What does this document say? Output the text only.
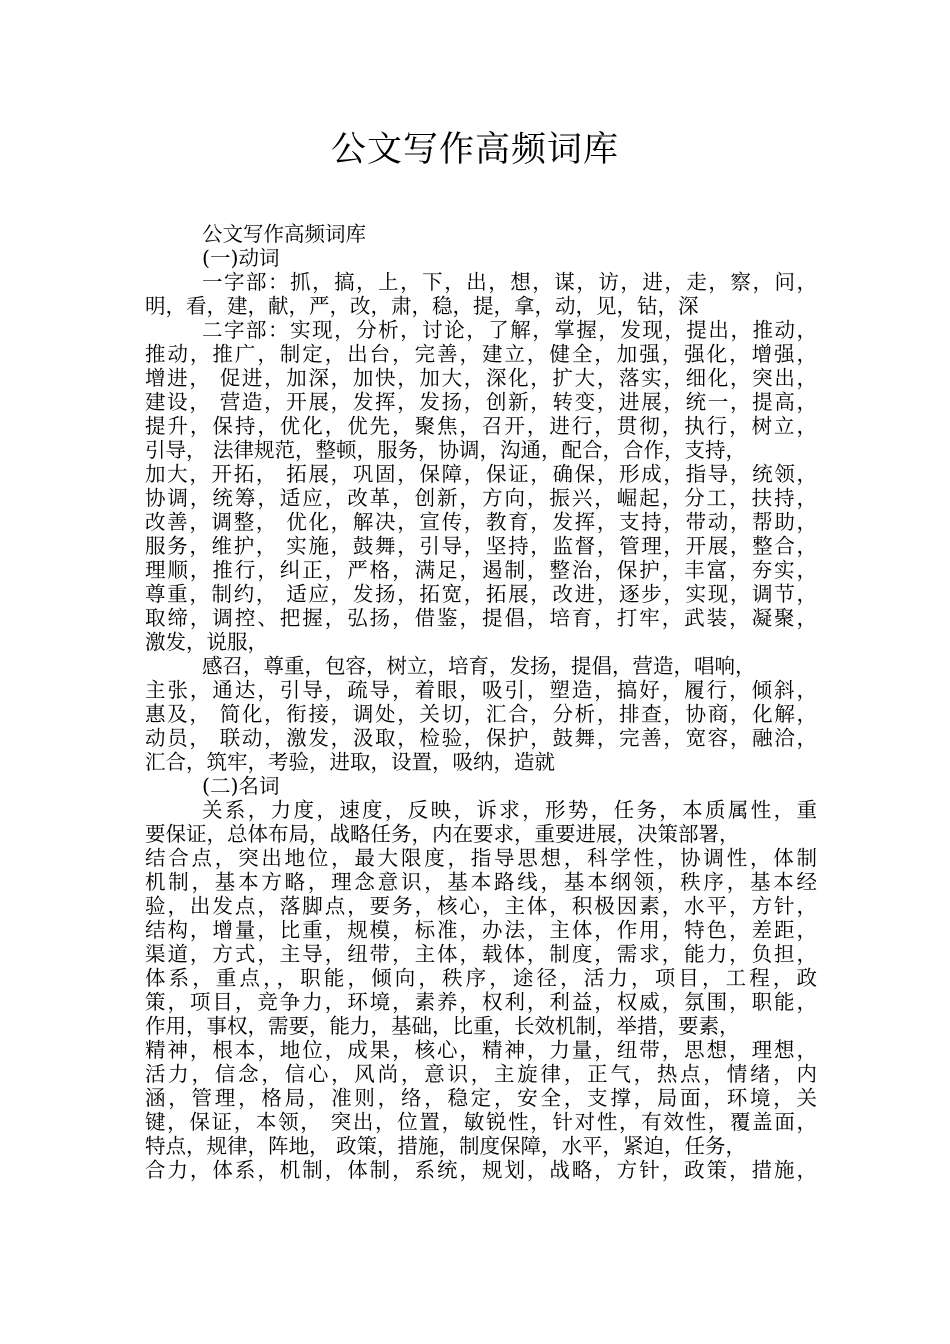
公文写作高频词库
公文写作高频词库
(一)动词
一字部：抓，搞，上，下，出，想，谋，访，进，走，察，问，
明，看，建，献，严，改，肃，稳，提，拿，动，见，钻，深
二字部：实现，分析，讨论，了解，掌握，发现，提出，推动，
推动，推广，制定，出台，完善，建立，健全，加强，强化，增强，
增进， 促进，加深，加快，加大，深化，扩大，落实，细化，突出，
建设， 营造，开展，发挥，发扬，创新，转变，进展，统一，提高，
提升，保持，优化，优先，聚焦，召开，进行，贯彻，执行，树立，
引导， 法律规范，整顿，服务，协调，沟通，配合，合作，支持，
加大，开拓， 拓展，巩固，保障，保证，确保，形成，指导，统领，
协调，统筹，适应，改革，创新，方向，振兴，崛起，分工，扶持，
改善，调整， 优化，解决，宣传，教育，发挥，支持，带动，帮助，
服务，维护， 实施，鼓舞，引导，坚持，监督，管理，开展，整合，
理顺，推行，纠正，严格，满足，遏制，整治，保护，丰富，夯实，
尊重，制约， 适应，发扬，拓宽，拓展，改进，逐步，实现，调节，
取缔，调控、把握，弘扬，借鉴，提倡，培育，打牢，武装，凝聚，
激发，说服，
感召，尊重，包容，树立，培育，发扬，提倡，营造，唱响，
主张，通达，引导，疏导，着眼，吸引，塑造，搞好，履行，倾斜，
惠及， 简化，衔接，调处，关切，汇合，分析，排查，协商，化解，
动员， 联动，激发，汲取，检验，保护，鼓舞，完善，宽容，融洽，
汇合，筑牢，考验，进取，设置，吸纳，造就
(二)名词
关系，力度，速度，反映，诉求，形势，任务，本质属性，重
要保证，总体布局，战略任务，内在要求，重要进展，决策部署，
结合点，突出地位，最大限度，指导思想，科学性，协调性，体制
机制，基本方略，理念意识，基本路线，基本纲领，秩序，基本经
验，出发点，落脚点，要务，核心，主体，积极因素，水平，方针，
结构，增量，比重，规模，标准，办法，主体，作用，特色，差距，
渠道，方式，主导，纽带，主体，载体，制度，需求，能力，负担，
体系，重点，，职能，倾向，秩序，途径，活力，项目，工程，政
策，项目，竞争力，环境，素养，权利，利益，权威，氛围，职能，
作用，事权，需要，能力，基础，比重，长效机制，举措，要素，
精神，根本，地位，成果，核心，精神，力量，纽带，思想，理想，
活力，信念，信心，风尚，意识，主旋律，正气，热点，情绪，内
涵，管理，格局，准则，络，稳定，安全，支撑，局面，环境，关
键，保证，本领， 突出，位置，敏锐性，针对性，有效性，覆盖面，
特点，规律，阵地， 政策，措施，制度保障，水平，紧迫，任务，
合力，体系，机制，体制，系统，规划，战略，方针，政策，措施，
